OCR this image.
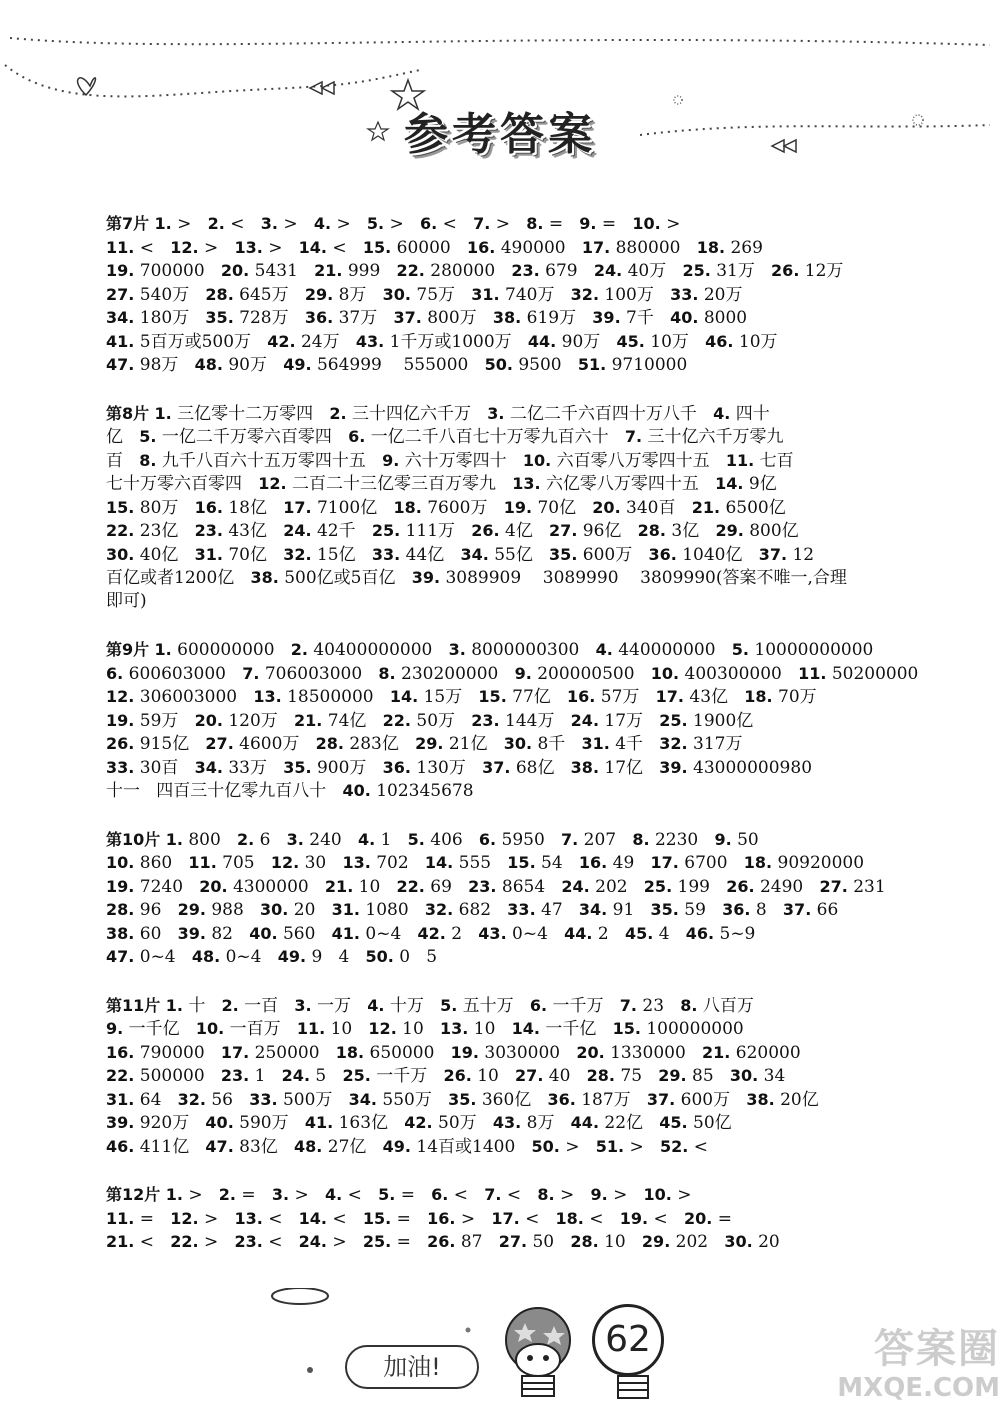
参考答案
第7片 1. > 2. < 3. > 4. > 5. > 6. < 7. > 8. = 9. = 10. >
11. < 12. > 13. > 14. < 15. 60000 16. 490000 17. 880000 18. 269
19. 700000 20. 5431 21. 999 22. 280000 23. 679 24. 40万 25. 31万 26. 12万
27. 540万 28. 645万 29. 8万 30. 75万 31. 740万 32. 100万 33. 20万
34. 180万 35. 728万 36. 37万 37. 800万 38. 619万 39. 7千 40. 8000
41. 5百万或500万 42. 24万 43. 1千万或1000万 44. 90万 45. 10万 46. 10万
47. 98万 48. 90万 49. 564999    555000 50. 9500 51. 9710000
第8片 1. 三亿零十二万零四 2. 三十四亿六千万 3. 二亿二千六百四十万八千 4. 四十
亿 5. 一亿二千万零六百零四 6. 一亿二千八百七十万零九百六十 7. 三十亿六千万零九
百 8. 九千八百六十五万零四十五 9. 六十万零四十 10. 六百零八万零四十五 11. 七百
七十万零六百零四 12. 二百二十三亿零三百万零九 13. 六亿零八万零四十五 14. 9亿
15. 80万 16. 18亿 17. 7100亿 18. 7600万 19. 70亿 20. 340百 21. 6500亿
22. 23亿 23. 43亿 24. 42千 25. 111万 26. 4亿 27. 96亿 28. 3亿 29. 800亿
30. 40亿 31. 70亿 32. 15亿 33. 44亿 34. 55亿 35. 600万 36. 1040亿 37. 12
百亿或者1200亿 38. 500亿或5百亿 39. 3089909    3089990    3809990(答案不唯一,合理
即可)
第9片 1. 600000000 2. 40400000000 3. 8000000300 4. 440000000 5. 10000000000
6. 600603000 7. 706003000 8. 230200000 9. 200000500 10. 400300000 11. 50200000
12. 306003000 13. 18500000 14. 15万 15. 77亿 16. 57万 17. 43亿 18. 70万
19. 59万 20. 120万 21. 74亿 22. 50万 23. 144万 24. 17万 25. 1900亿
26. 915亿 27. 4600万 28. 283亿 29. 21亿 30. 8千 31. 4千 32. 317万
33. 30百 34. 33万 35. 900万 36. 130万 37. 68亿 38. 17亿 39. 43000000980
十一   四百三十亿零九百八十 40. 102345678
第10片 1. 800 2. 6 3. 240 4. 1 5. 406 6. 5950 7. 207 8. 2230 9. 50
10. 860 11. 705 12. 30 13. 702 14. 555 15. 54 16. 49 17. 6700 18. 90920000
19. 7240 20. 4300000 21. 10 22. 69 23. 8654 24. 202 25. 199 26. 2490 27. 231
28. 96 29. 988 30. 20 31. 1080 32. 682 33. 47 34. 91 35. 59 36. 8 37. 66
38. 60 39. 82 40. 560 41. 0~4 42. 2 43. 0~4 44. 2 45. 4 46. 5~9
47. 0~4 48. 0~4 49. 9   4 50. 0   5
第11片 1. 十 2. 一百 3. 一万 4. 十万 5. 五十万 6. 一千万 7. 23 8. 八百万
9. 一千亿 10. 一百万 11. 10 12. 10 13. 10 14. 一千亿 15. 100000000
16. 790000 17. 250000 18. 650000 19. 3030000 20. 1330000 21. 620000
22. 500000 23. 1 24. 5 25. 一千万 26. 10 27. 40 28. 75 29. 85 30. 34
31. 64 32. 56 33. 500万 34. 550万 35. 360亿 36. 187万 37. 600万 38. 20亿
39. 920万 40. 590万 41. 163亿 42. 50万 43. 8万 44. 22亿 45. 50亿
46. 411亿 47. 83亿 48. 27亿 49. 14百或1400 50. > 51. > 52. <
第12片 1. > 2. = 3. > 4. < 5. = 6. < 7. < 8. > 9. > 10. >
11. = 12. > 13. < 14. < 15. = 16. > 17. < 18. < 19. < 20. =
21. < 22. > 23. < 24. > 25. = 26. 87 27. 50 28. 10 29. 202 30. 20
加油!
62	答案圈
MXQE.COM
